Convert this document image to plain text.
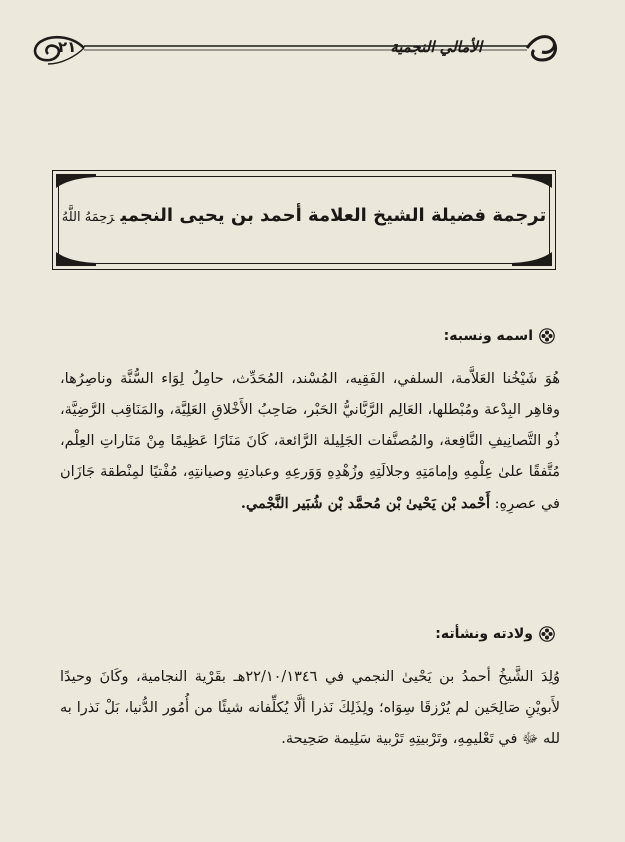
الأمالي النجمية
٢١
ترجمة فضيلة الشيخ العلامة أحمد بن يحيى النجميرَحِمَهُ اللَّهُ
اسمه ونسبه:

هُوَ شَيْخُنا العَلاَّمة، السلفي، الفَقِيه، المُسْند، المُحَدِّث، حامِلُ لِوَاء السُّنَّة وناصِرُها، وقاهِر البِدْعة ومُبْطلها، العَالِم الرَّبَّانيُّ الحَبْر، صَاحِبُ الأَخْلاقِ العَلِيَّة، والمَنَاقِب الرَّضِيَّة، ذُو التَّصانِيفِ النَّافِعة، والمُصنَّفات الجَلِيلة الرَّائعة، كَانَ مَنَارًا عَظِيمًا مِنْ مَنَاراتِ العِلْم، مُتَّفقًا علىٰ عِلْمِهِ وإمامَتِهِ وجلالَتِهِ وزُهْدِهِ وَوَرعِهِ وعبادتِهِ وصيانتِهِ، مُفْتيًا لمِنْطقة جَازَان في عصرِهِ: أَحْمد بْن يَحْيىٰ بْن مُحمَّد بْن شُبَير النَّجْمي.

ولادته ونشأته:

وُلِدَ الشَّيخُ أحمدُ بن يَحْيىٰ النجمي في ٢٢/١٠/١٣٤٦هـ بقَرْية النجامية، وكَانَ وحيدًا لأَبويْنِ صَالِحَين لم يُرْزقَا سِوَاه؛ ولِذَلِكَ نَذرا ألَّا يُكلِّفانه شيئًا من أُمُور الدُّنيا، بَلْ نَذرا به لله ﷻ في تَعْليمِهِ، وتَرْبيتِهِ تَرْبية سَلِيمة صَحِيحة.
